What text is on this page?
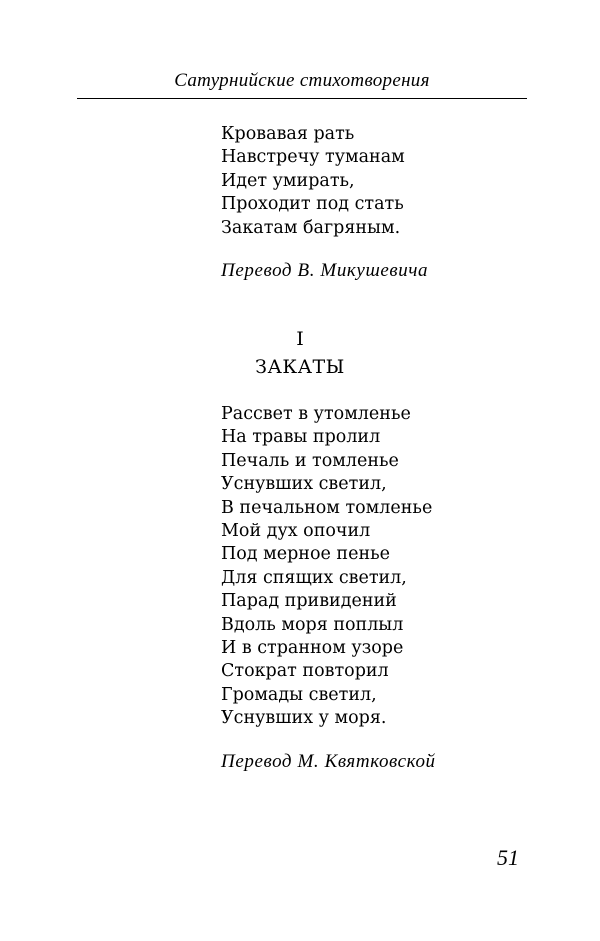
Сатурнийские стихотворения
Кровавая рать
Навстречу туманам
Идет умирать,
Проходит под стать
Закатам багряным.
Перевод В. Микушевича
I
ЗАКАТЫ
Рассвет в утомленье
На травы пролил
Печаль и томленье
Уснувших светил,
В печальном томленье
Мой дух опочил
Под мерное пенье
Для спящих светил,
Парад привидений
Вдоль моря поплыл
И в странном узоре
Стократ повторил
Громады светил,
Уснувших у моря.
Перевод М. Квятковской
51
